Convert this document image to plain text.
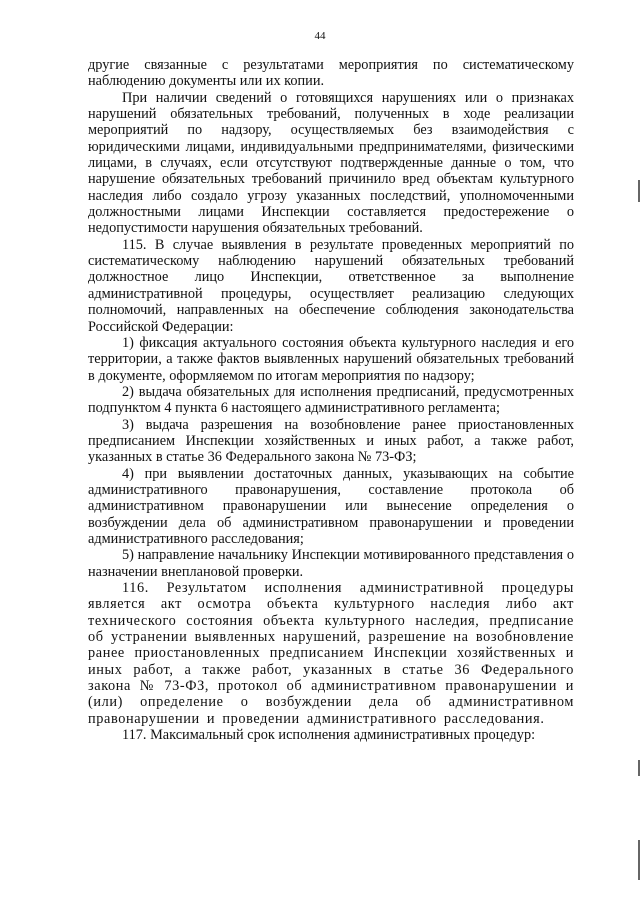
44

другие связанные с результатами мероприятия по систематическому наблюдению документы или их копии.

При наличии сведений о готовящихся нарушениях или о признаках нарушений обязательных требований, полученных в ходе реализации мероприятий по надзору, осуществляемых без взаимодействия с юридическими лицами, индивидуальными предпринимателями, физическими лицами, в случаях, если отсутствуют подтвержденные данные о том, что нарушение обязательных требований причинило вред объектам культурного наследия либо создало угрозу указанных последствий, уполномоченными должностными лицами Инспекции составляется предостережение о недопустимости нарушения обязательных требований.

115. В случае выявления в результате проведенных мероприятий по систематическому наблюдению нарушений обязательных требований должностное лицо Инспекции, ответственное за выполнение административной процедуры, осуществляет реализацию следующих полномочий, направленных на обеспечение соблюдения законодательства Российской Федерации:

1) фиксация актуального состояния объекта культурного наследия и его территории, а также фактов выявленных нарушений обязательных требований в документе, оформляемом по итогам мероприятия по надзору;

2) выдача обязательных для исполнения предписаний, предусмотренных подпунктом 4 пункта 6 настоящего административного регламента;

3) выдача разрешения на возобновление ранее приостановленных предписанием Инспекции хозяйственных и иных работ, а также работ, указанных в статье 36 Федерального закона № 73-ФЗ;

4) при выявлении достаточных данных, указывающих на событие административного правонарушения, составление протокола об административном правонарушении или вынесение определения о возбуждении дела об административном правонарушении и проведении административного расследования;

5) направление начальнику Инспекции мотивированного представления о назначении внеплановой проверки.

116. Результатом исполнения административной процедуры является акт осмотра объекта культурного наследия либо акт технического состояния объекта культурного наследия, предписание об устранении выявленных нарушений, разрешение на возобновление ранее приостановленных предписанием Инспекции хозяйственных и иных работ, а также работ, указанных в статье 36 Федерального закона № 73-ФЗ, протокол об административном правонарушении и (или) определение о возбуждении дела об административном правонарушении и проведении административного расследования.

117. Максимальный срок исполнения административных процедур:
